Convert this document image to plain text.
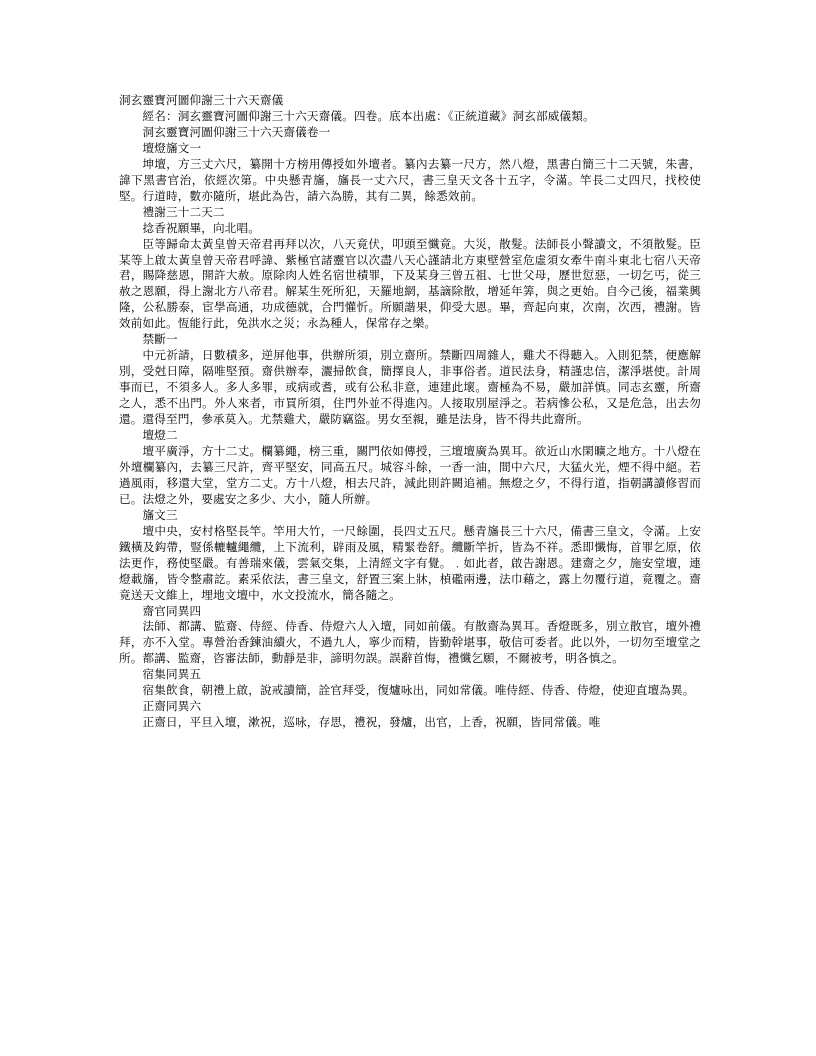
洞玄靈寶河圖仰謝三十六天齋儀

經名：洞玄靈寶河圖仰謝三十六天齋儀。四卷。底本出處：《正統道藏》洞玄部威儀類。

洞玄靈寶河圖仰謝三十六天齋儀卷一

壇燈旛文一

坤壇，方三丈六尺，纂開十方榜用傳授如外壇者。纂內去纂一尺方，然八燈，黑書白簡三十二天號，朱書，諱下黑書官治，依經次第。中央懸青旛，旛長一丈六尺，書三皇天文各十五字，令滿。竿長二丈四尺，找校使堅。行道時，數亦隨所，堪此為告，請六為勝，其有二異，餘悉效前。

禮謝三十二天二

捻香祝願畢，向北唱。

臣等歸命太黃皇曾天帝君再拜以次，八天竟伏，叩頭至懺竟。大災，散髮。法師長小聲讀文，不須散髮。臣某等上啟太黃皇曾天帝君呼諱、紫極官諸靈官以次盡八天心謹請北方東壁營室危虛須女牽牛南斗東北七宿八天帝君，賜降慈恩，開許大赦。原除肉人姓名宿世積罪，下及某身三曾五祖、七世父母，歷世愆惡，一切乞丐，從三赦之恩願，得上謝北方八帝君。解某生死所犯，天羅地網，基謫除散，增延年筭，與之更始。自今己後，福業興隆，公私勝泰，宦學高通，功成德就，合門懽忻。所願諧果，仰受大恩。畢，齊起向東，次南，次西，禮謝。皆效前如此。恆能行此，免洪水之災；永為種人，保常存之樂。

禁斷一

中元祈請，日數積多，逆屏他事，供辦所須，別立齋所。禁斷四周雜人，雞犬不得聽入。入則犯禁，便應解別，受尅日障，隔唯堅預。齋供辦奉，灑掃飲食，簡擇良人，非事俗者。道民法身，精謹忠信，潔淨堪使。計周事而已，不須多人。多人多罪，或病或耆，或有公私非意，連建此壞。齋極為不易，嚴加詳慎。同志玄靈，所齋之人，悉不出門。外人來者，市買所須，住門外並不得進內。人接取別屋淨之。若病慘公私，又是危急，出去勿還。還得至門，參承莫入。尤禁雞犬，嚴防竊盜。男女至親，雖是法身，皆不得共此齋所。

壇燈二

壇平廣淨，方十二丈。欄纂繩，榜三重，關門依如傳授，三壇壇廣為異耳。欲近山水閑曠之地方。十八燈在外壇欄纂內，去纂三尺許，齊平堅安，同高五尺。城容斗餘，一香一油，間中六尺，大猛火光，煙不得中絕。若過風雨，移還大堂，堂方二丈。方十八燈，相去尺許，減此則許闕追補。無燈之夕，不得行道，指朝講讀修習而已。法燈之外，要處安之多少、大小，隨人所辦。

旛文三

壇中央，安村格堅長竿。竿用大竹，一尺餘圍，長四丈五尺。懸青旛長三十六尺，備書三皇文，令滿。上安鐵橫及鈎帶，豎係轆轤繩纜，上下流利，辟雨及風，精緊卷舒。纜斷竿折，皆為不祥。悉即懺悔，首罪乞原，依法更作，務使堅嚴。有善瑞來儀，雲氣交集，上清經文字有覺。﹒如此者，啟告謝恩。建齋之夕，施安堂壇，連燈載旛，皆令整肅訖。素采依法，書三皇文，舒置三案上牀，楨礛兩邊，法巾藉之，露上勿覆行道，竟覆之。齋竟送天文維上，埋地文壇中，水文投流水，簡各隨之。

齋官同異四

法師、都講、監齋、侍經、侍香、侍燈六人入壇，同如前儀。有散齋為異耳。香燈既多，別立散官，壇外禮拜，亦不入堂。專營治香鍊油續火，不過九人，寧少而精，皆勤幹堪事，敬信可委者。此以外，一切勿至壇堂之所。都講、監齋，咨審法師，動靜是非，諦明勿誤。誤辭首悔，禮懺乞願，不爾被考，明各慎之。

宿集同異五

宿集飲食，朝禮上啟，說戒讀簡，詮官拜受，復爐咏出，同如常儀。唯侍經、侍香、侍燈，使迎直壇為異。

正齋同異六

正齋日，平旦入壇，漱祝，巡咏，存思，禮祝，發爐，出官，上香，祝願，皆同常儀。唯
